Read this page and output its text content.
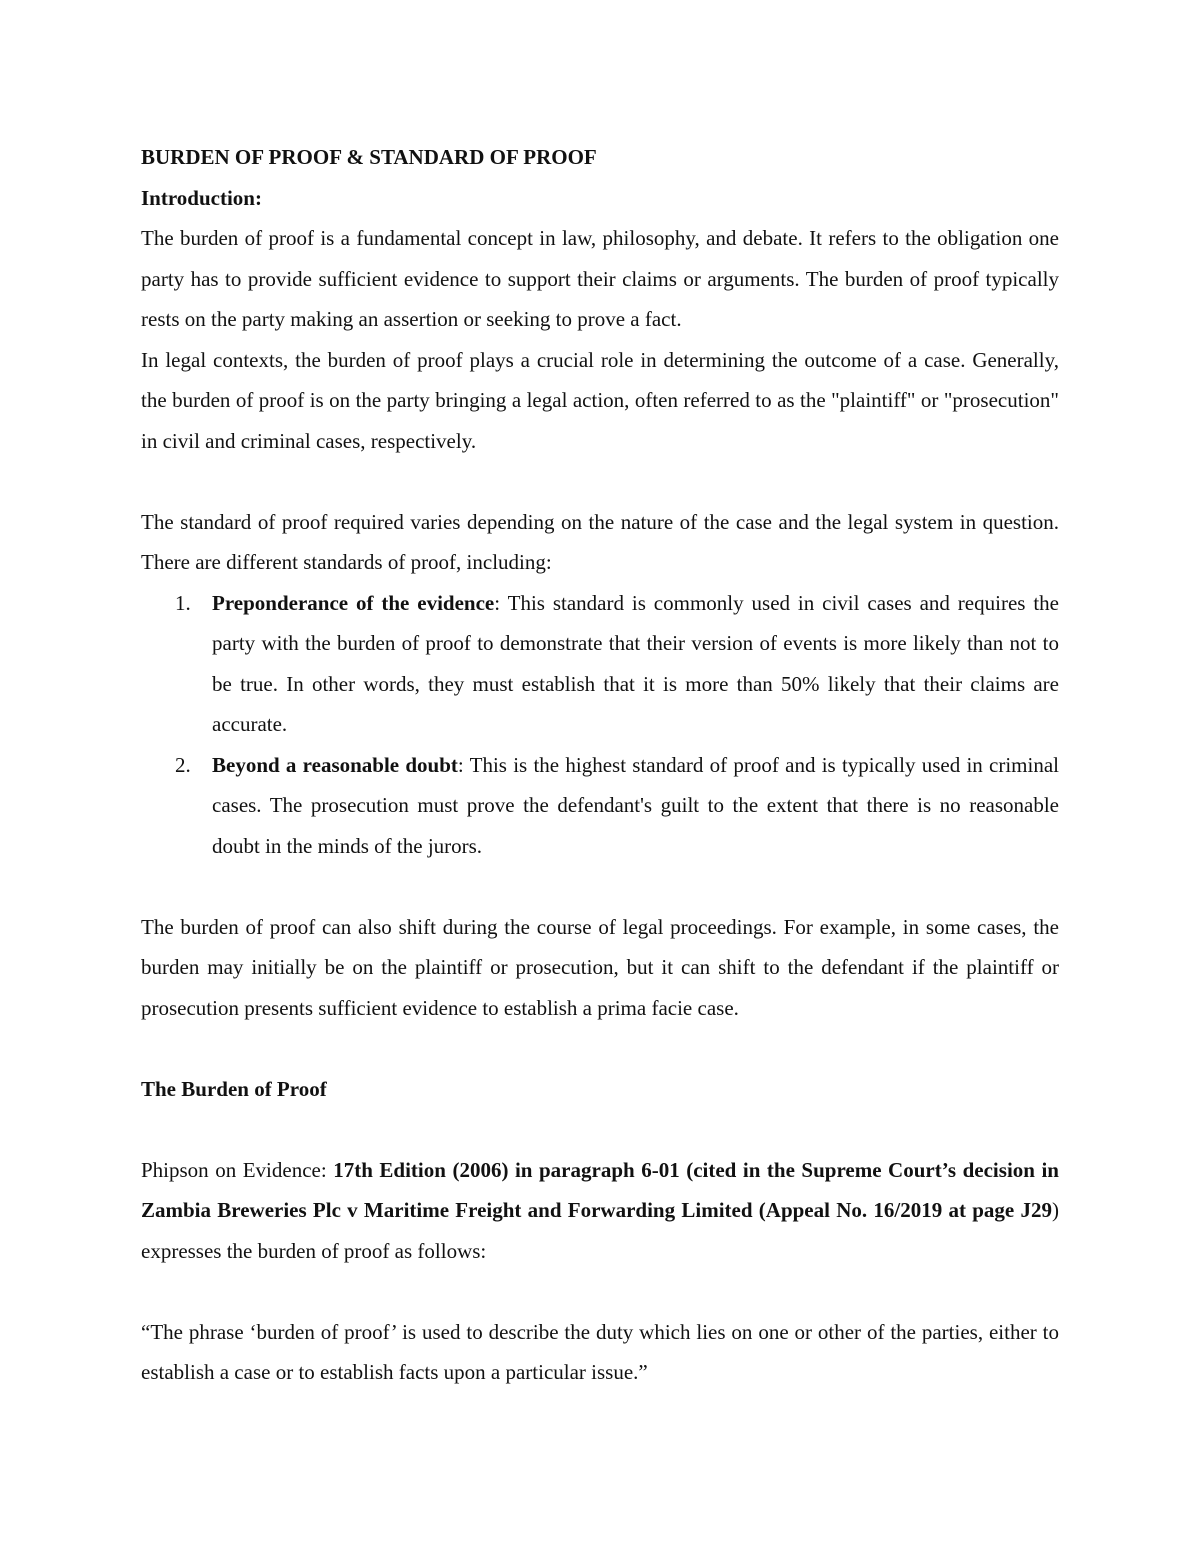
BURDEN OF PROOF & STANDARD OF PROOF

Introduction:

The burden of proof is a fundamental concept in law, philosophy, and debate. It refers to the obligation one party has to provide sufficient evidence to support their claims or arguments. The burden of proof typically rests on the party making an assertion or seeking to prove a fact.

In legal contexts, the burden of proof plays a crucial role in determining the outcome of a case. Generally, the burden of proof is on the party bringing a legal action, often referred to as the "plaintiff" or "prosecution" in civil and criminal cases, respectively.

The standard of proof required varies depending on the nature of the case and the legal system in question. There are different standards of proof, including:

1. Preponderance of the evidence: This standard is commonly used in civil cases and requires the party with the burden of proof to demonstrate that their version of events is more likely than not to be true. In other words, they must establish that it is more than 50% likely that their claims are accurate.
2. Beyond a reasonable doubt: This is the highest standard of proof and is typically used in criminal cases. The prosecution must prove the defendant's guilt to the extent that there is no reasonable doubt in the minds of the jurors.

The burden of proof can also shift during the course of legal proceedings. For example, in some cases, the burden may initially be on the plaintiff or prosecution, but it can shift to the defendant if the plaintiff or prosecution presents sufficient evidence to establish a prima facie case.

The Burden of Proof

Phipson on Evidence: 17th Edition (2006) in paragraph 6-01 (cited in the Supreme Court’s decision in Zambia Breweries Plc v Maritime Freight and Forwarding Limited (Appeal No. 16/2019 at page J29) expresses the burden of proof as follows:

“The phrase ‘burden of proof’ is used to describe the duty which lies on one or other of the parties, either to establish a case or to establish facts upon a particular issue.”
